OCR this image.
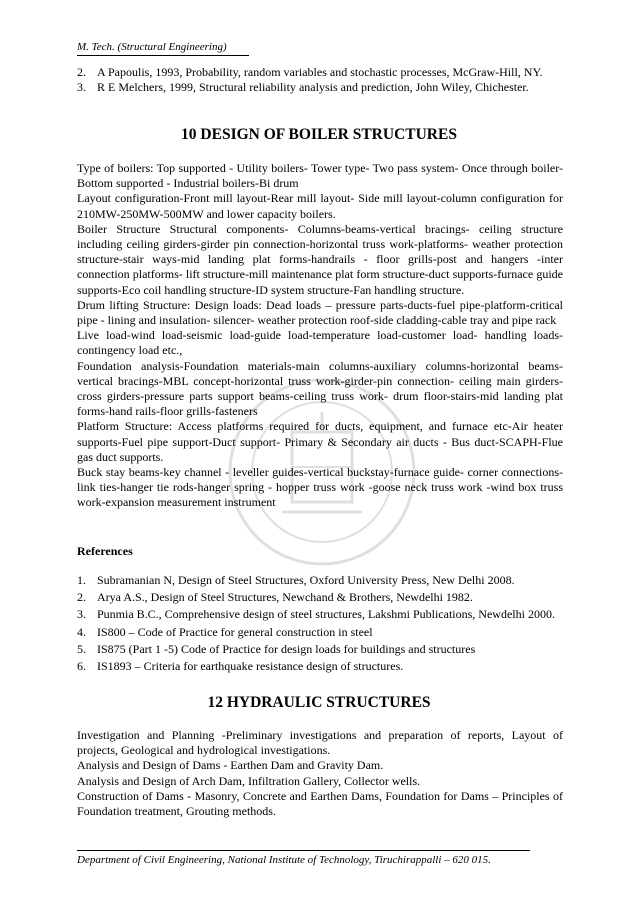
M. Tech. (Structural Engineering)
2. A Papoulis, 1993, Probability, random variables and stochastic processes, McGraw-Hill, NY.
3. R E Melchers, 1999, Structural reliability analysis and prediction, John Wiley, Chichester.
10 DESIGN OF BOILER STRUCTURES

Type of boilers: Top supported - Utility boilers- Tower type- Two pass system- Once through boiler- Bottom supported - Industrial boilers-Bi drum

Layout configuration-Front mill layout-Rear mill layout- Side mill layout-column configuration for 210MW-250MW-500MW and lower capacity boilers.

Boiler Structure Structural components- Columns-beams-vertical bracings- ceiling structure including ceiling girders-girder pin connection-horizontal truss work-platforms- weather protection structure-stair ways-mid landing plat forms-handrails - floor grills-post and hangers -inter connection platforms- lift structure-mill maintenance plat form structure-duct supports-furnace guide supports-Eco coil handling structure-ID system structure-Fan handling structure.

Drum lifting Structure: Design loads: Dead loads – pressure parts-ducts-fuel pipe-platform-critical pipe - lining and insulation- silencer- weather protection roof-side cladding-cable tray and pipe rack

Live load-wind load-seismic load-guide load-temperature load-customer load- handling loads-contingency load etc.,

Foundation analysis-Foundation materials-main columns-auxiliary columns-horizontal beams-vertical bracings-MBL concept-horizontal truss work-girder-pin connection- ceiling main girders-cross girders-pressure parts support beams-ceiling truss work- drum floor-stairs-mid landing plat forms-hand rails-floor grills-fasteners

Platform Structure: Access platforms required for ducts, equipment, and furnace etc-Air heater supports-Fuel pipe support-Duct support- Primary & Secondary air ducts - Bus duct-SCAPH-Flue gas duct supports.

Buck stay beams-key channel - leveller guides-vertical buckstay-furnace guide- corner connections-link ties-hanger tie rods-hanger spring - hopper truss work -goose neck truss work -wind box truss work-expansion measurement instrument

References
1. Subramanian N, Design of Steel Structures, Oxford University Press, New Delhi 2008.
2. Arya A.S., Design of Steel Structures, Newchand & Brothers, Newdelhi 1982.
3. Punmia B.C., Comprehensive design of steel structures, Lakshmi Publications, Newdelhi 2000.
4. IS800 – Code of Practice for general construction in steel
5. IS875 (Part 1 -5) Code of Practice for design loads for buildings and structures
6. IS1893 – Criteria for earthquake resistance design of structures.
12 HYDRAULIC STRUCTURES

Investigation and Planning -Preliminary investigations and preparation of reports, Layout of projects, Geological and hydrological investigations.

Analysis and Design of Dams - Earthen Dam and Gravity Dam.

Analysis and Design of Arch Dam, Infiltration Gallery, Collector wells.

Construction of Dams - Masonry, Concrete and Earthen Dams, Foundation for Dams – Principles of Foundation treatment, Grouting methods.

Department of Civil Engineering, National Institute of Technology, Tiruchirappalli – 620 015.
